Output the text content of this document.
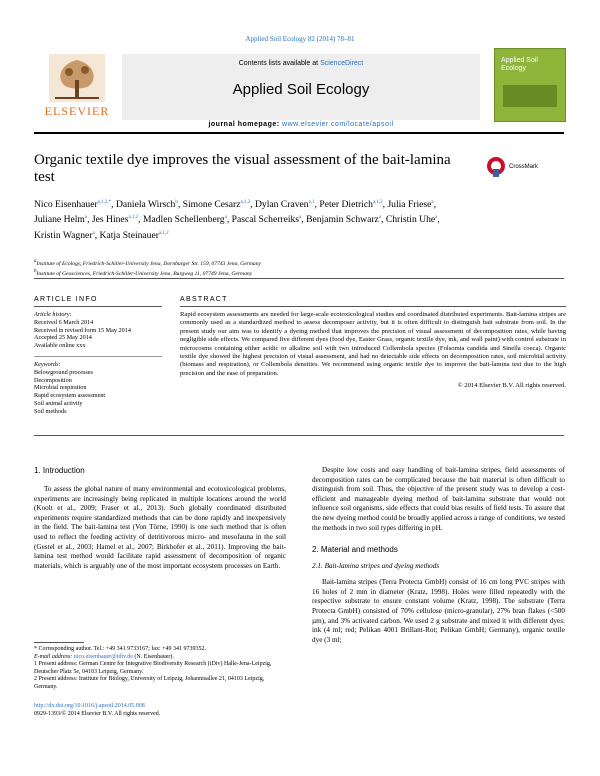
Applied Soil Ecology 82 (2014) 78–81
ELSEVIER
Contents lists available at ScienceDirect
Applied Soil Ecology
Applied Soil Ecology
journal homepage: www.elsevier.com/locate/apsoil
Organic textile dye improves the visual assessment of the bait-lamina test
CrossMark
Nico Eisenhauer$^{a,1,2,*}$, Daniela Wirsch$^b$, Simone Cesarz$^{a,1,2}$, Dylan Craven$^{a,1}$, Peter Dietrich$^{a,1,2}$, Julia Friese$^a$, Juliane Helm$^a$, Jes Hines$^{a,1,2}$, Madlen Schellenberg$^a$, Pascal Scherreiks$^a$, Benjamin Schwarz$^a$, Christin Uhe$^a$, Kristin Wagner$^a$, Katja Steinauer$^{a,1,2}$
aInstitute of Ecology, Friedrich-Schiller-University Jena, Dornburger Str. 159, 07743 Jena, Germany
bInstitute of Geosciences, Friedrich-Schiller-University Jena, Burgweg 11, 07749 Jena, Germany
ARTICLE INFO

Article history:

Received 6 March 2014

Received in revised form 15 May 2014

Accepted 25 May 2014

Available online xxx

Keywords:

Belowground processes

Decomposition

Microbial respiration

Rapid ecosystem assessment

Soil animal activity

Soil methods

ABSTRACT

Rapid ecosystem assessments are needed for large-scale ecotoxicological studies and coordinated distributed experiments. Bait-lamina stripes are commonly used as a standardized method to assess decomposer activity, but it is often difficult to distinguish bait substrate from soil. In the present study our aim was to identify a dyeing method that improves the precision of visual assessment of decomposition rates, while having negligible side effects. We compared five different dyes (food dye, Easter Grass, organic textile dye, ink, and wall paint) with control substrate in microcosms containing either acidic or alkaline soil with two introduced Collembola species (Folsomia candida and Sinella coeca). Organic textile dye showed the highest precision of visual assessment, and had no detectable side effects on decomposition rates, soil microbial activity (biomass and respiration), or Collembola densities. We recommend using organic textile dye to improve the bait-lamina test due to the high precision and the ease of preparation.

© 2014 Elsevier B.V. All rights reserved.

1. Introduction

To assess the global nature of many environmental and ecotoxicological problems, experiments are increasingly being replicated in multiple locations around the world (Koolt et al., 2009; Fraser et al., 2013). Such globally coordinated distributed experiments require standardized methods that can be done rapidly and inexpensively in the field. The bait-lamina test (Von Törne, 1990) is one such method that is often used to reflect the feeding activity of detritivorous micro- and mesofauna in the soil (Gestel et al., 2003; Hamel et al., 2007; Birkhofer et al., 2011). Improving the bait-lamina test method would facilitate rapid assessment of decomposition of organic materials, which is arguably one of the most important ecosystem processes on Earth.

Despite low costs and easy handling of bait-lamina stripes, field assessments of decomposition rates can be complicated because the bait material is often difficult to distinguish from soil. Thus, the objective of the present study was to develop a cost-efficient and manageable dyeing method of bait-lamina substrate that would not influence soil organisms, side effects that could bias results of field tests. To assure that the new dyeing method could be broadly applied across a range of conditions, we tested the methods in two soil types differing in pH.

2. Material and methods
2.1. Bait-lamina stripes and dyeing methods

Bait-lamina stripes (Terra Protecta GmbH) consist of 16 cm long PVC stripes with 16 holes of 2 mm in diameter (Kratz, 1998). Holes were filled repeatedly with the respective substrate to ensure constant volume (Kratz, 1998). The substrate (Terra Protecta GmbH) consisted of 70% cellulose (micro-granular), 27% bran flakes (<500 µm), and 3% activated carbon. We used 2 g substrate and mixed it with different dyes: ink (4 ml; red; Pelikan 4001 Brillant-Rot; Pelikan GmbH; Germany), organic textile dye (3 ml;

* Corresponding author. Tel.: +49 341 9733167; fax: +49 341 9739352.

E-mail address: nico.eisenhauer@idiv.de (N. Eisenhauer).

1 Present address: German Centre for Integrative Biodiversity Research (iDiv) Halle-Jena-Leipzig, Deutscher Platz 5e, 04103 Leipzig, Germany.

2 Present address: Institute for Biology, University of Leipzig, Johannisallee 21, 04103 Leipzig, Germany.

http://dx.doi.org/10.1016/j.apsoil.2014.05.008

0929-1393/© 2014 Elsevier B.V. All rights reserved.
